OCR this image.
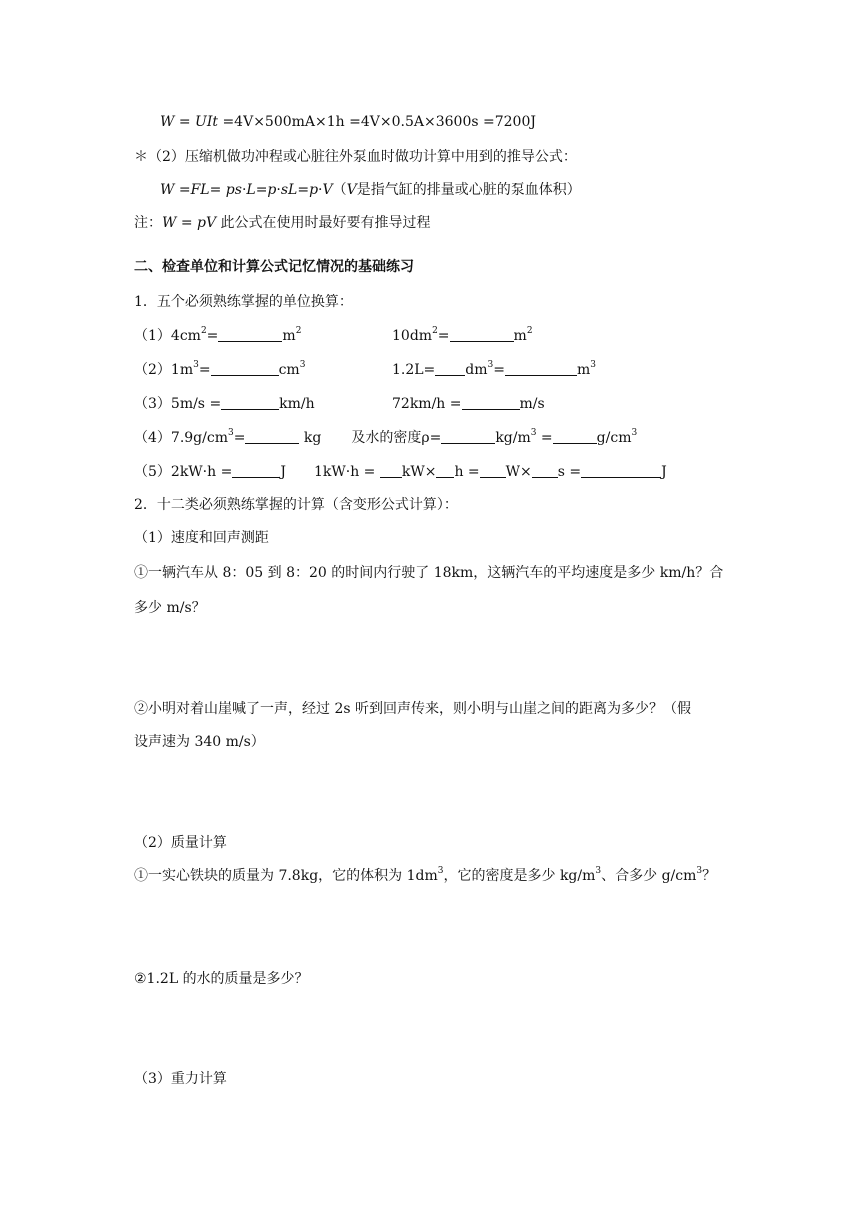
W = UIt =4V×500mA×1h =4V×0.5A×3600s =7200J
＊（2）压缩机做功冲程或心脏往外泵血时做功计算中用到的推导公式：
W =FL= ps·L=p·sL=p·V（V是指气缸的排量或心脏的泵血体积）
注：W = pV 此公式在使用时最好要有推导过程
二、检查单位和计算公式记忆情况的基础练习
1．五个必须熟练掌握的单位换算：
$(1)4cm^2=$	$m^2$	$10dm^2=$	$m^2$
$(2)1m^3=$	$cm^3$	$1.2L= dm^3=$	$m^3$
（3）5m/s =	km/h	72km/h =	m/s
$(4)7.9g/cm^3=$	kg 及水的密度ρ=	$kg/m^3$ =	$g/cm^3$
（5）2kW·h =	J 1kW·h = kW× h = W× s =	J
2．十二类必须熟练掌握的计算（含变形公式计算）：
（1）速度和回声测距
①一辆汽车从 8：05 到 8：20 的时间内行驶了 18km，这辆汽车的平均速度是多少 km/h？合
多少 m/s？
②小明对着山崖喊了一声，经过 2s 听到回声传来，则小明与山崖之间的距离为多少？（假
设声速为 340 m/s）
（2）质量计算
①一实心铁块的质量为 7.8kg，它的体积为 $1dm^3$，它的密度是多少 $kg/m^3$、合多少 $g/cm^3$？
②1.2L 的水的质量是多少？
（3）重力计算
